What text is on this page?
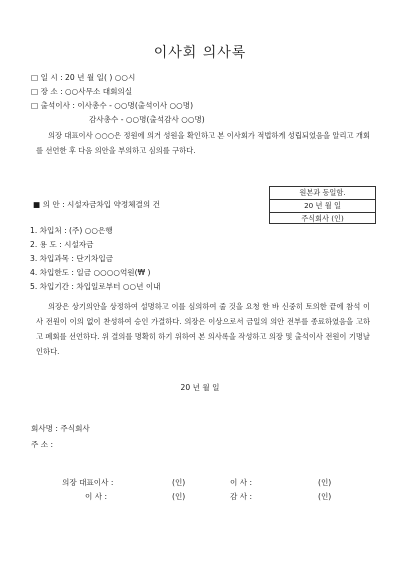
이사회 의사록
□ 일 시 : 20 년 월 일( ) ○○시
□ 장 소 : ○○사무소 대회의실
□ 출석이사 : 이사총수 - ○○명(출석이사 ○○명)
감사총수 - ○○명(출석감사 ○○명)
의장 대표이사 ○○○은 정원에 의거 성원을 확인하고 본 이사회가 적법하게 성립되었음을 알리고 개회를 선언한 후 다음 의안을 부의하고 심의를 구하다.
원본과 동일함.
20 년 월 일
주식회사 (인)
■ 의 안 : 시설자금차입 약정체결의 건
1. 차입처 : (주) ○○은행
2. 용 도 : 시설자금
3. 차입과목 : 단기차입금
4. 차입한도 : 일금 ○○○○억원(₩ )
5. 차입기간 : 차입일로부터 ○○년 이내
의장은 상기의안을 상정하여 설명하고 이를 심의하여 줄 것을 요청 한 바 신중히 토의한 끝에 참석 이사 전원이 이의 없이 찬성하여 승인 가결하다. 의장은 이상으로서 금일의 의안 전부를 종료하였음을 고하고 폐회를 선언하다. 위 결의를 명확히 하기 위하여 본 의사록을 작성하고 의장 및 출석이사 전원이 기명날인하다.
20 년 월 일
회사명 : 주식회사
주 소 :
의장 대표이사 :	(인)	이 사 :	(인)
이 사 :	(인)	감 사 :	(인)
